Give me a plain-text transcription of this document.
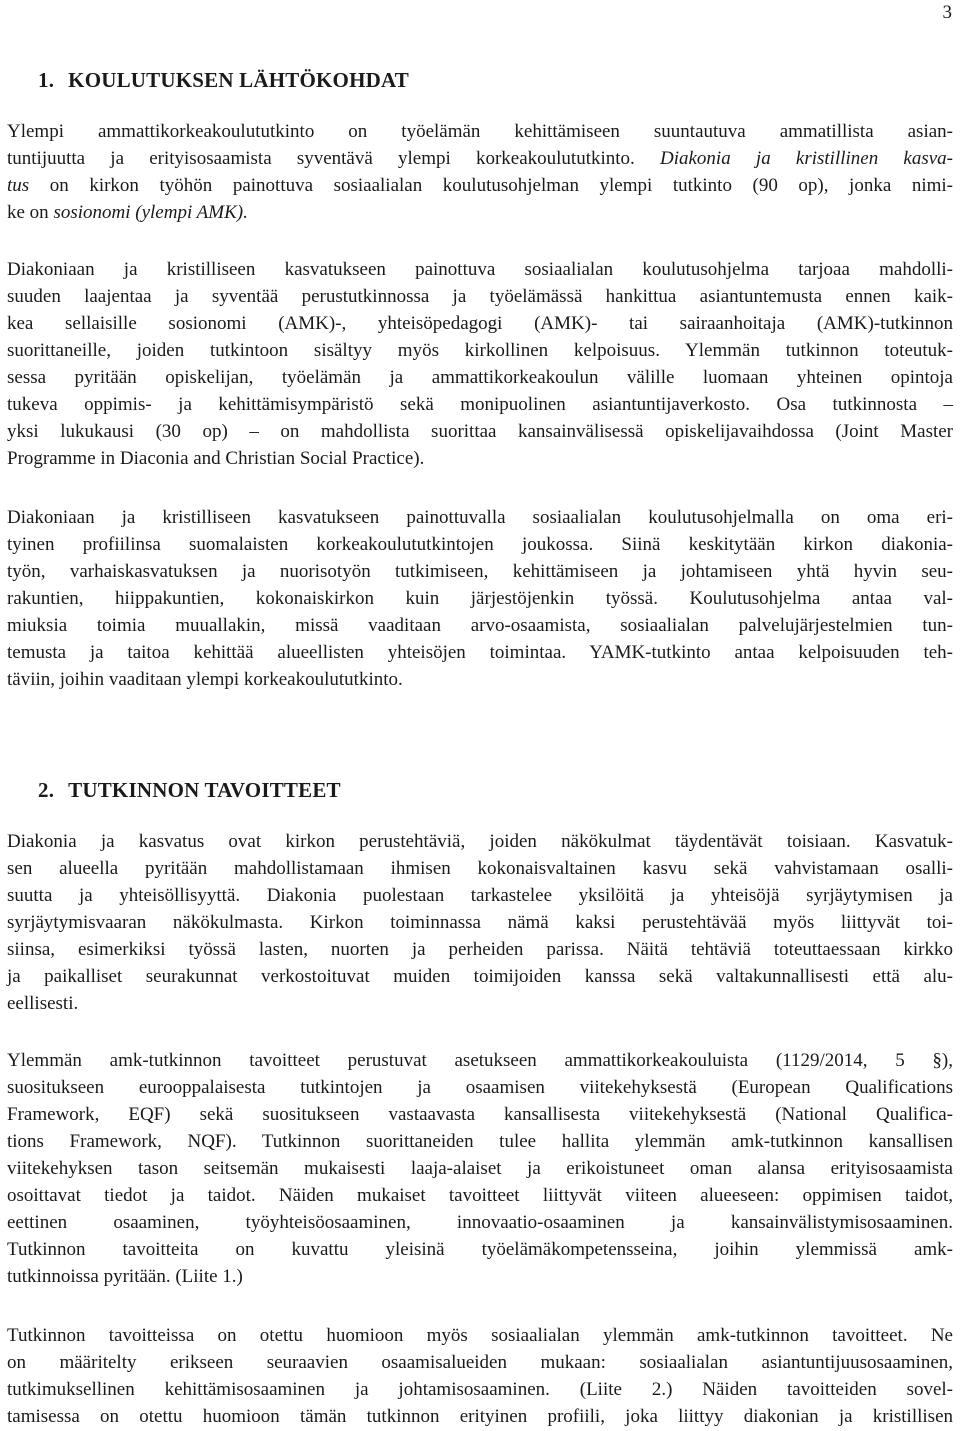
3
1. KOULUTUKSEN LÄHTÖKOHDAT

Ylempi ammattikorkeakoulututkinto on työelämän kehittämiseen suuntautuva ammatillista asian-
tuntijuutta ja erityisosaamista syventävä ylempi korkeakoulututkinto. Diakonia ja kristillinen kasva-
tus on kirkon työhön painottuva sosiaalialan koulutusohjelman ylempi tutkinto (90 op), jonka nimi-
ke on sosionomi (ylempi AMK).

Diakoniaan ja kristilliseen kasvatukseen painottuva sosiaalialan koulutusohjelma tarjoaa mahdolli-
suuden laajentaa ja syventää perustutkinnossa ja työelämässä hankittua asiantuntemusta ennen kaik-
kea sellaisille sosionomi (AMK)-, yhteisöpedagogi (AMK)- tai sairaanhoitaja (AMK)-tutkinnon
suorittaneille, joiden tutkintoon sisältyy myös kirkollinen kelpoisuus. Ylemmän tutkinnon toteutuk-
sessa pyritään opiskelijan, työelämän ja ammattikorkeakoulun välille luomaan yhteinen opintoja
tukeva oppimis- ja kehittämisympäristö sekä monipuolinen asiantuntijaverkosto. Osa tutkinnosta –
yksi lukukausi (30 op) – on mahdollista suorittaa kansainvälisessä opiskelijavaihdossa (Joint Master
Programme in Diaconia and Christian Social Practice).

Diakoniaan ja kristilliseen kasvatukseen painottuvalla sosiaalialan koulutusohjelmalla on oma eri-
tyinen profiilinsa suomalaisten korkeakoulututkintojen joukossa. Siinä keskitytään kirkon diakonia-
työn, varhaiskasvatuksen ja nuorisotyön tutkimiseen, kehittämiseen ja johtamiseen yhtä hyvin seu-
rakuntien, hiippakuntien, kokonaiskirkon kuin järjestöjenkin työssä. Koulutusohjelma antaa val-
miuksia toimia muuallakin, missä vaaditaan arvo-osaamista, sosiaalialan palvelujärjestelmien tun-
temusta ja taitoa kehittää alueellisten yhteisöjen toimintaa. YAMK-tutkinto antaa kelpoisuuden teh-
täviin, joihin vaaditaan ylempi korkeakoulututkinto.

2. TUTKINNON TAVOITTEET

Diakonia ja kasvatus ovat kirkon perustehtäviä, joiden näkökulmat täydentävät toisiaan. Kasvatuk-
sen alueella pyritään mahdollistamaan ihmisen kokonaisvaltainen kasvu sekä vahvistamaan osalli-
suutta ja yhteisöllisyyttä. Diakonia puolestaan tarkastelee yksilöitä ja yhteisöjä syrjäytymisen ja
syrjäytymisvaaran näkökulmasta. Kirkon toiminnassa nämä kaksi perustehtävää myös liittyvät toi-
siinsa, esimerkiksi työssä lasten, nuorten ja perheiden parissa. Näitä tehtäviä toteuttaessaan kirkko
ja paikalliset seurakunnat verkostoituvat muiden toimijoiden kanssa sekä valtakunnallisesti että alu-
eellisesti.

Ylemmän amk-tutkinnon tavoitteet perustuvat asetukseen ammattikorkeakouluista (1129/2014, 5 §),
suositukseen eurooppalaisesta tutkintojen ja osaamisen viitekehyksestä (European Qualifications
Framework, EQF) sekä suositukseen vastaavasta kansallisesta viitekehyksestä (National Qualifica-
tions Framework, NQF). Tutkinnon suorittaneiden tulee hallita ylemmän amk-tutkinnon kansallisen
viitekehyksen tason seitsemän mukaisesti laaja-alaiset ja erikoistuneet oman alansa erityisosaamista
osoittavat tiedot ja taidot. Näiden mukaiset tavoitteet liittyvät viiteen alueeseen: oppimisen taidot,
eettinen osaaminen, työyhteisöosaaminen, innovaatio-osaaminen ja kansainvälistymisosaaminen.
Tutkinnon tavoitteita on kuvattu yleisinä työelämäkompetensseina, joihin ylemmissä amk-
tutkinnoissa pyritään. (Liite 1.)

Tutkinnon tavoitteissa on otettu huomioon myös sosiaalialan ylemmän amk-tutkinnon tavoitteet. Ne
on määritelty erikseen seuraavien osaamisalueiden mukaan: sosiaalialan asiantuntijuusosaaminen,
tutkimuksellinen kehittämisosaaminen ja johtamisosaaminen. (Liite 2.) Näiden tavoitteiden sovel-
tamisessa on otettu huomioon tämän tutkinnon erityinen profiili, joka liittyy diakonian ja kristillisen
